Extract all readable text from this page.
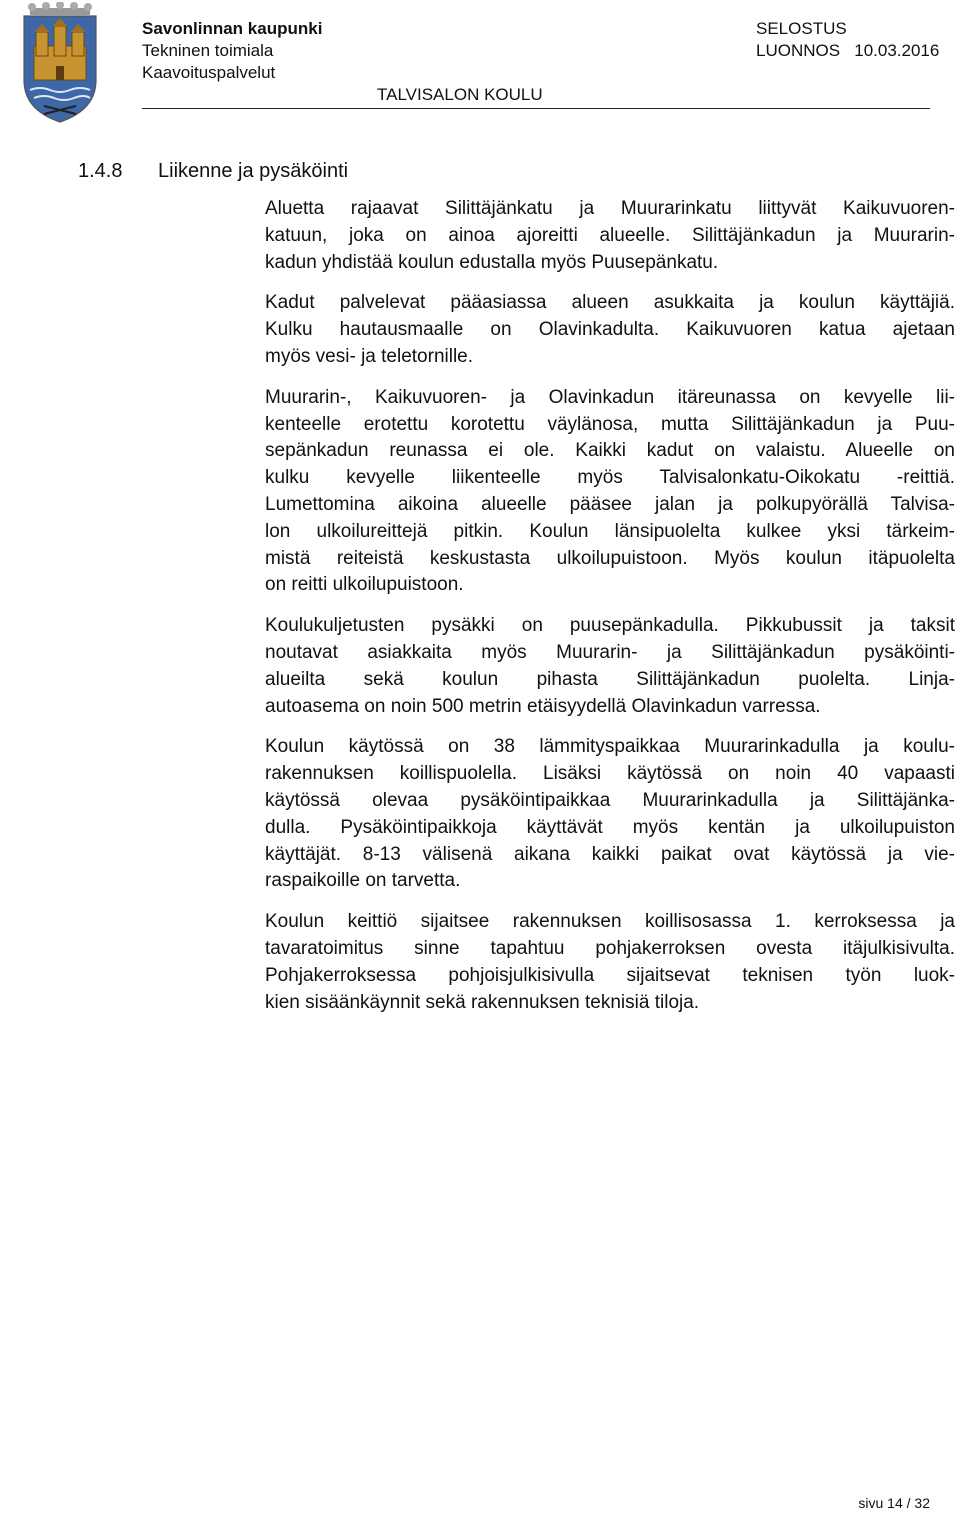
Savonlinnan kaupunki
Tekninen toimiala
Kaavoituspalvelut
SELOSTUS
LUONNOS 10.03.2016
TALVISALON KOULU
1.4.8 Liikenne ja pysäköinti
Aluetta rajaavat Silittäjänkatu ja Muurarinkatu liittyvät Kaikuvuoren-
katuun, joka on ainoa ajoreitti alueelle. Silittäjänkadun ja Muurarin-
kadun yhdistää koulun edustalla myös Puusepänkatu.
Kadut palvelevat pääasiassa alueen asukkaita ja koulun käyttäjiä.
Kulku hautausmaalle on Olavinkadulta. Kaikuvuoren katua ajetaan
myös vesi- ja teletornille.
Muurarin-, Kaikuvuoren- ja Olavinkadun itäreunassa on kevyelle lii-
kenteelle erotettu korotettu väylänosa, mutta Silittäjänkadun ja Puu-
sepänkadun reunassa ei ole. Kaikki kadut on valaistu. Alueelle on
kulku kevyelle liikenteelle myös Talvisalonkatu-Oikokatu -reittiä.
Lumettomina aikoina alueelle pääsee jalan ja polkupyörällä Talvisa-
lon ulkoilureittejä pitkin. Koulun länsipuolelta kulkee yksi tärkeim-
mistä reiteistä keskustasta ulkoilupuistoon. Myös koulun itäpuolelta
on reitti ulkoilupuistoon.
Koulukuljetusten pysäkki on puusepänkadulla. Pikkubussit ja taksit
noutavat asiakkaita myös Muurarin- ja Silittäjänkadun pysäköinti-
alueilta sekä koulun pihasta Silittäjänkadun puolelta. Linja-
autoasema on noin 500 metrin etäisyydellä Olavinkadun varressa.
Koulun käytössä on 38 lämmityspaikkaa Muurarinkadulla ja koulu-
rakennuksen koillispuolella. Lisäksi käytössä on noin 40 vapaasti
käytössä olevaa pysäköintipaikkaa Muurarinkadulla ja Silittäjänka-
dulla. Pysäköintipaikkoja käyttävät myös kentän ja ulkoilupuiston
käyttäjät. 8-13 välisenä aikana kaikki paikat ovat käytössä ja vie-
raspaikoille on tarvetta.
Koulun keittiö sijaitsee rakennuksen koillisosassa 1. kerroksessa ja
tavaratoimitus sinne tapahtuu pohjakerroksen ovesta itäjulkisivulta.
Pohjakerroksessa pohjoisjulkisivulla sijaitsevat teknisen työn luok-
kien sisäänkäynnit sekä rakennuksen teknisiä tiloja.
sivu 14 / 32
